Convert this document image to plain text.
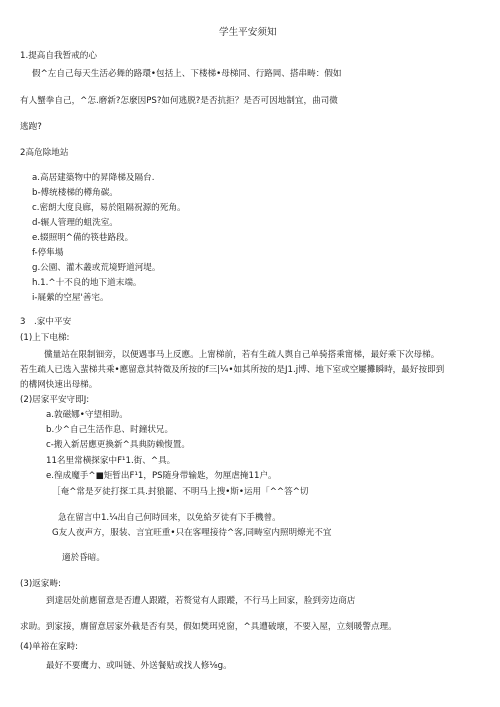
学生平安须知
1.提高自我暂戒的心
假^左自己每天生活必舞的路環•包括上、下楼梯•母梯同、行路岡、搭串畴：假如
有人蟹拳自己，^怎.磨新?怎麼因PS?如何逃脱?是否抗拒？是否可因地制宜，曲司微
逃跑?
2高危除地站
a.高居建築物中的昇降梯及隔台.
b-傅统楼梯的樽角碳。
c.密朗大度良廊，易於阻隔祝源的死角。
d-辗人管理的蛆洗室。
e.辍照明^備的筷巷路段。
f-停隼場
g.公園、灌木叢或荒境野道河堤。
h.1.^十不良的地下道末端。
i-屣縈的空屋'善宅。
3　.家中平安
(1)上下电梯:
儻量站在限制钿旁，以便遇事马上反應。上甯梯前，若有生疏人舆自己单骑搭乘甯梯，最好乘下次母梯。
若生疏人已选入蜚梯共乘•應留意其特徵及所按的f三|¼•如其所按的是J1.j博、地下室或空屢攤瞬時，最好按即到
的構网快速出母梯。
(2)居家平安守即J:
a.敦磁娜•守望相助。
b.少^自己生活作息、时鐘状兄。
c-搬入新居應更換新^具典防赖愎置。
11名里常横探家中F¹1.街、^具。
e.徨成魔手^■矩暂出F¹1，PS随身带输匙，勿厘虐掩11户。
［奄^常是歹徒打探工具.封狼罷、不明马上搜•斯•运用「^^答^切
急在留言中1.¼出自己何時回来，以免給歹徒有下手機曾。
G友人夜声方，服装、言宜旺重•只在客哩接待^客,同畴室内照明燎光不宜
適於昏暗。
(3)返家畴:
到達居处前應留意是否遭人跟蹤，若赘觉有人跟蹤，不行马上回家，脸到旁边商店
求助。到家接，膺留意居家外截是否有昊，假如樊珥兇窗，^具遭破壞，不要入屋，立刻暖警点理。
(4)单裕在家畤:
最好不要鹰力、或叫链、外送餐贴或找人修⅛g。
